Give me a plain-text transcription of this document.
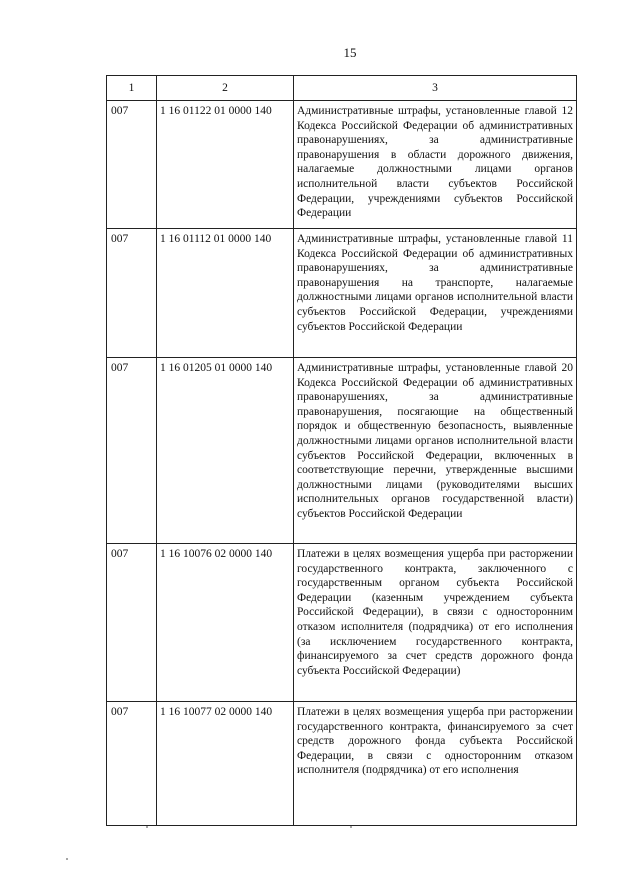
15
1	2	3
007	1 16 01122 01 0000 140	Административные штрафы, установленные главой 12 Кодекса Российской Федерации об административных правонарушениях, за административные правонарушения в области дорожного движения, налагаемые должностными лицами органов исполнительной власти субъектов Российской Федерации, учреждениями субъектов Российской Федерации
007	1 16 01112 01 0000 140	Административные штрафы, установленные главой 11 Кодекса Российской Федерации об административных правонарушениях, за административные правонарушения на транспорте, налагаемые должностными лицами органов исполнительной власти субъектов Российской Федерации, учреждениями субъектов Российской Федерации
007	1 16 01205 01 0000 140	Административные штрафы, установленные главой 20 Кодекса Российской Федерации об административных правонарушениях, за административные правонарушения, посягающие на общественный порядок и общественную безопасность, выявленные должностными лицами органов исполнительной власти субъектов Российской Федерации, включенных в соответствующие перечни, утвержденные высшими должностными лицами (руководителями высших исполнительных органов государственной власти) субъектов Российской Федерации
007	1 16 10076 02 0000 140	Платежи в целях возмещения ущерба при расторжении государственного контракта, заключенного с государственным органом субъекта Российской Федерации (казенным учреждением субъекта Российской Федерации), в связи с односторонним отказом исполнителя (подрядчика) от его исполнения (за исключением государственного контракта, финансируемого за счет средств дорожного фонда субъекта Российской Федерации)
007	1 16 10077 02 0000 140	Платежи в целях возмещения ущерба при расторжении государственного контракта, финансируемого за счет средств дорожного фонда субъекта Российской Федерации, в связи с односторонним отказом исполнителя (подрядчика) от его исполнения
